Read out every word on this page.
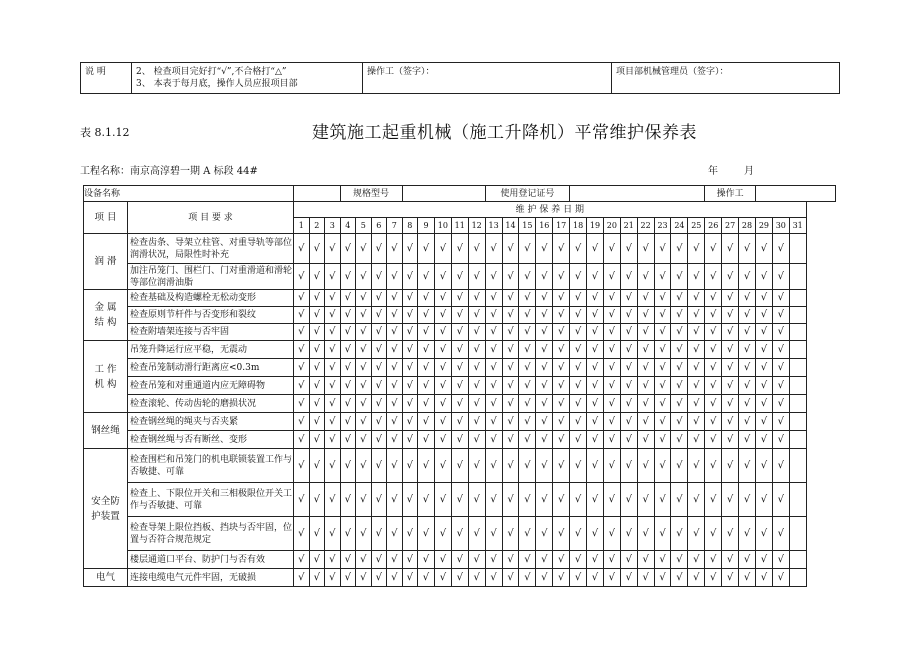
说 明	2、 检查项目完好打“√”,不合格打“△”
3、 本表于每月底，操作人员应报项目部
	操作工（签字）：	项目部机械管理员（签字）：
表 8.1.12	建筑施工起重机械（施工升降机）平常维护保养表
工程名称：南京高淳碧一期 A 标段 44#	年	月
设备名称					规格型号									使用登记证号													操作工					
项 目	项 目 要 求	维 护 保 养 日 期																														
		1	2	3	4	5	6	7	8	9	10	11	12	13	14	15	16	17	18	19	20	21	22	23	24	25	26	27	28	29	30	31

润 滑	检查齿条、导架立柱管、对重导轨等部位润滑状况，局限性时补充	√	√	√	√	√	√	√	√	√	√	√	√	√	√	√	√	√	√	√	√	√	√	√	√	√	√	√	√	√	√	
	加注吊笼门、围栏门、门对重滑道和滑轮等部位润滑油脂	√	√	√	√	√	√	√	√	√	√	√	√	√	√	√	√	√	√	√	√	√	√	√	√	√	√	√	√	√	√	

金 属
结 构	检查基础及构造螺栓无松动变形	√	√	√	√	√	√	√	√	√	√	√	√	√	√	√	√	√	√	√	√	√	√	√	√	√	√	√	√	√	√	
	检查原则节杆件与否变形和裂纹	√	√	√	√	√	√	√	√	√	√	√	√	√	√	√	√	√	√	√	√	√	√	√	√	√	√	√	√	√	√	
	检查附墙架连接与否牢固	√	√	√	√	√	√	√	√	√	√	√	√	√	√	√	√	√	√	√	√	√	√	√	√	√	√	√	√	√	√	

工 作
机 构	吊笼升降运行应平稳，无震动	√	√	√	√	√	√	√	√	√	√	√	√	√	√	√	√	√	√	√	√	√	√	√	√	√	√	√	√	√	√	
	检查吊笼制动滑行距离应<0.3m	√	√	√	√	√	√	√	√	√	√	√	√	√	√	√	√	√	√	√	√	√	√	√	√	√	√	√	√	√	√	
	检查吊笼和对重通道内应无障碍物	√	√	√	√	√	√	√	√	√	√	√	√	√	√	√	√	√	√	√	√	√	√	√	√	√	√	√	√	√	√	
	检查滚轮、传动齿轮的磨损状况	√	√	√	√	√	√	√	√	√	√	√	√	√	√	√	√	√	√	√	√	√	√	√	√	√	√	√	√	√	√	

钢丝绳	检查钢丝绳的绳夹与否夹紧	√	√	√	√	√	√	√	√	√	√	√	√	√	√	√	√	√	√	√	√	√	√	√	√	√	√	√	√	√	√	
	检查钢丝绳与否有断丝、变形	√	√	√	√	√	√	√	√	√	√	√	√	√	√	√	√	√	√	√	√	√	√	√	√	√	√	√	√	√	√	

安全防
护装置	检查围栏和吊笼门的机电联锁装置工作与否敏捷、可靠	√	√	√	√	√	√	√	√	√	√	√	√	√	√	√	√	√	√	√	√	√	√	√	√	√	√	√	√	√	√	
	检查上、下限位开关和三相极限位开关工作与否敏捷、可靠	√	√	√	√	√	√	√	√	√	√	√	√	√	√	√	√	√	√	√	√	√	√	√	√	√	√	√	√	√	√	
	检查导架上限位挡板、挡块与否牢固，位置与否符合规范规定	√	√	√	√	√	√	√	√	√	√	√	√	√	√	√	√	√	√	√	√	√	√	√	√	√	√	√	√	√	√	
	楼层通道口平台、防护门与否有效	√	√	√	√	√	√	√	√	√	√	√	√	√	√	√	√	√	√	√	√	√	√	√	√	√	√	√	√	√	√	

电气	连接电缆电气元件牢固，无破损	√	√	√	√	√	√	√	√	√	√	√	√	√	√	√	√	√	√	√	√	√	√	√	√	√	√	√	√	√	√	
